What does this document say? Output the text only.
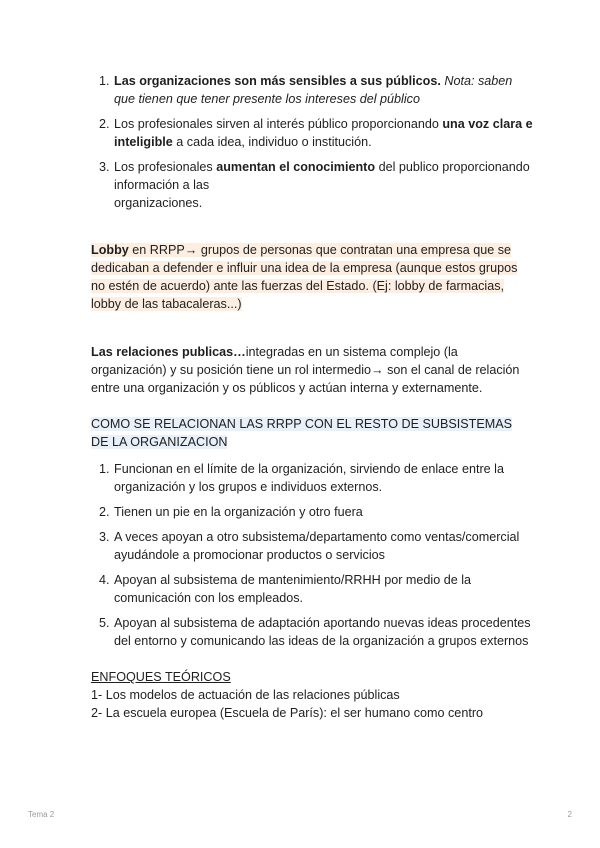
1. Las organizaciones son más sensibles a sus públicos. Nota: saben que tienen que tener presente los intereses del público
2. Los profesionales sirven al interés público proporcionando una voz clara e inteligible a cada idea, individuo o institución.
3. Los profesionales aumentan el conocimiento del publico proporcionando información a las
organizaciones.

Lobby en RRPP→ grupos de personas que contratan una empresa que se dedicaban a defender e influir una idea de la empresa (aunque estos grupos no estén de acuerdo) ante las fuerzas del Estado. (Ej: lobby de farmacias, lobby de las tabacaleras...)

Las relaciones publicas…integradas en un sistema complejo (la organización) y su posición tiene un rol intermedio→ son el canal de relación entre una organización y os públicos y actúan interna y externamente.

COMO SE RELACIONAN LAS RRPP CON EL RESTO DE SUBSISTEMAS DE LA ORGANIZACION

1. Funcionan en el límite de la organización, sirviendo de enlace entre la organización y los grupos e individuos externos.
2. Tienen un pie en la organización y otro fuera
3. A veces apoyan a otro subsistema/departamento como ventas/comercial ayudándole a promocionar productos o servicios
4. Apoyan al subsistema de mantenimiento/RRHH por medio de la comunicación con los empleados.
5. Apoyan al subsistema de adaptación aportando nuevas ideas procedentes del entorno y comunicando las ideas de la organización a grupos externos

ENFOQUES TEÓRICOS

1- Los modelos de actuación de las relaciones públicas

2- La escuela europea (Escuela de París): el ser humano como centro

Tema 2	2
